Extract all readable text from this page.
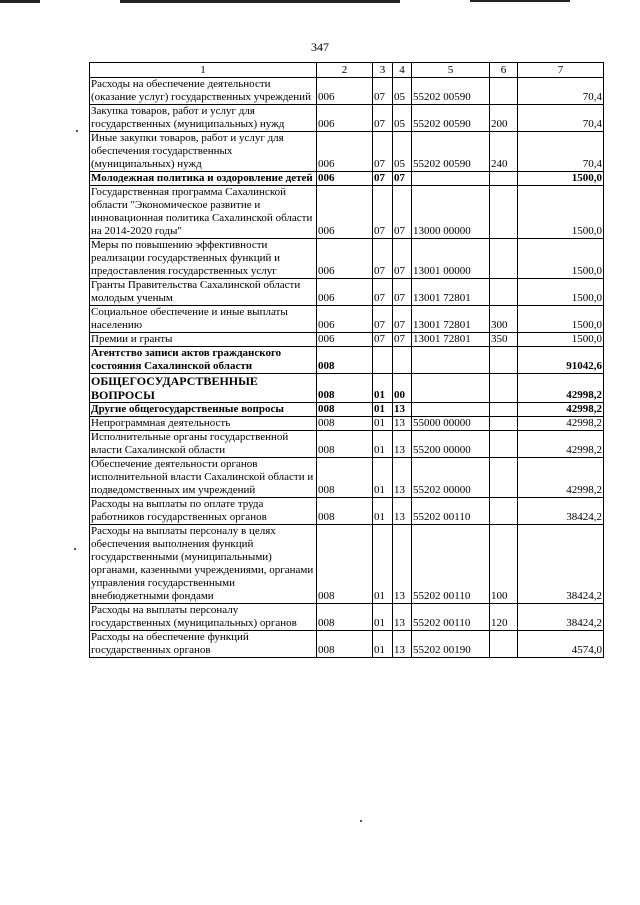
347
1	2	3	4	5	6	7
Расходы на обеспечение деятельности (оказание услуг) государственных учреждений	006	07	05	55202 00590		70,4
Закупка товаров, работ и услуг для государственных (муниципальных) нужд	006	07	05	55202 00590	200	70,4
Иные закупки товаров, работ и услуг для обеспечения государственных (муниципальных) нужд	006	07	05	55202 00590	240	70,4
Молодежная политика и оздоровление детей	006	07	07			1500,0
Государственная программа Сахалинской области "Экономическое развитие и инновационная политика Сахалинской области на 2014-2020 годы"	006	07	07	13000 00000		1500,0
Меры по повышению эффективности реализации государственных функций и предоставления государственных услуг	006	07	07	13001 00000		1500,0
Гранты Правительства Сахалинской области молодым ученым	006	07	07	13001 72801		1500,0
Социальное обеспечение и иные выплаты населению	006	07	07	13001 72801	300	1500,0
Премии и гранты	006	07	07	13001 72801	350	1500,0
Агентство записи актов гражданского состояния Сахалинской области	008					91042,6
ОБЩЕГОСУДАРСТВЕННЫЕ ВОПРОСЫ	008	01	00			42998,2
Другие общегосударственные вопросы	008	01	13			42998,2
Непрограммная деятельность	008	01	13	55000 00000		42998,2
Исполнительные органы государственной власти Сахалинской области	008	01	13	55200 00000		42998,2
Обеспечение деятельности органов исполнительной власти Сахалинской области и подведомственных им учреждений	008	01	13	55202 00000		42998,2
Расходы на выплаты по оплате труда работников государственных органов	008	01	13	55202 00110		38424,2
Расходы на выплаты персоналу в целях обеспечения выполнения функций государственными (муниципальными) органами, казенными учреждениями, органами управления государственными внебюджетными фондами	008	01	13	55202 00110	100	38424,2
Расходы на выплаты персоналу государственных (муниципальных) органов	008	01	13	55202 00110	120	38424,2
Расходы на обеспечение функций государственных органов	008	01	13	55202 00190		4574,0
